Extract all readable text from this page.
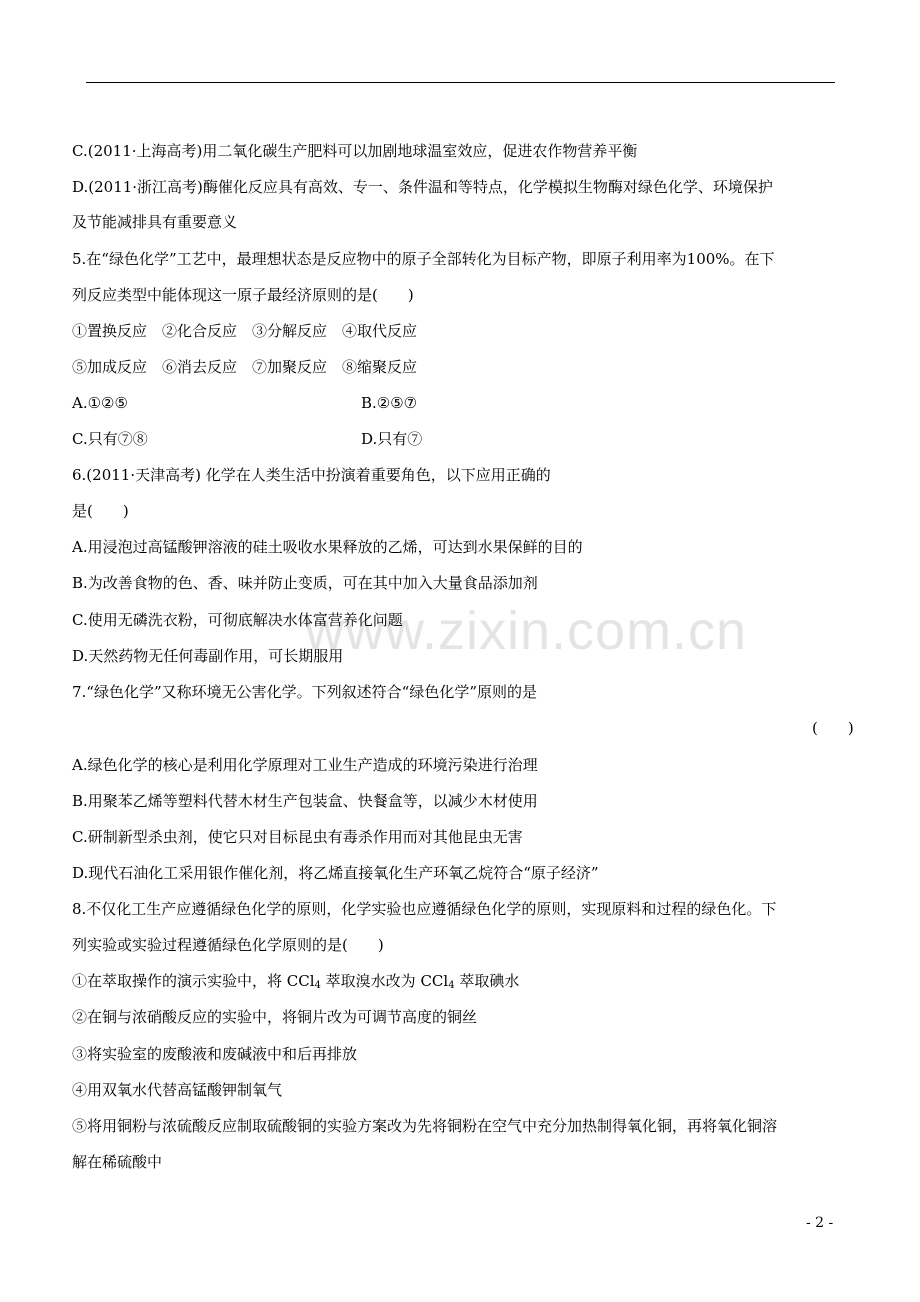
www.zixin.com.cn
C.(2011·上海高考)用二氧化碳生产肥料可以加剧地球温室效应，促进农作物营养平衡
D.(2011·浙江高考)酶催化反应具有高效、专一、条件温和等特点，化学模拟生物酶对绿色化学、环境保护
及节能减排具有重要意义
5.在“绿色化学”工艺中，最理想状态是反应物中的原子全部转化为目标产物，即原子利用率为100%。在下
列反应类型中能体现这一原子最经济原则的是(　　)
①置换反应　②化合反应　③分解反应　④取代反应
⑤加成反应　⑥消去反应　⑦加聚反应　⑧缩聚反应
A.①②⑤	B.②⑤⑦
C.只有⑦⑧	D.只有⑦
6.(2011·天津高考) 化学在人类生活中扮演着重要角色，以下应用正确的
是(　　)
A.用浸泡过高锰酸钾溶液的硅土吸收水果释放的乙烯，可达到水果保鲜的目的
B.为改善食物的色、香、味并防止变质，可在其中加入大量食品添加剂
C.使用无磷洗衣粉，可彻底解决水体富营养化问题
D.天然药物无任何毒副作用，可长期服用
7.“绿色化学”又称环境无公害化学。下列叙述符合“绿色化学”原则的是
(　　)
A.绿色化学的核心是利用化学原理对工业生产造成的环境污染进行治理
B.用聚苯乙烯等塑料代替木材生产包装盒、快餐盒等，以减少木材使用
C.研制新型杀虫剂，使它只对目标昆虫有毒杀作用而对其他昆虫无害
D.现代石油化工采用银作催化剂，将乙烯直接氧化生产环氧乙烷符合“原子经济”
8.不仅化工生产应遵循绿色化学的原则，化学实验也应遵循绿色化学的原则，实现原料和过程的绿色化。下
列实验或实验过程遵循绿色化学原则的是(　　)
①在萃取操作的演示实验中，将 CCl$_4$ 萃取溴水改为 CCl$_4$ 萃取碘水
②在铜与浓硝酸反应的实验中，将铜片改为可调节高度的铜丝
③将实验室的废酸液和废碱液中和后再排放
④用双氧水代替高锰酸钾制氧气
⑤将用铜粉与浓硫酸反应制取硫酸铜的实验方案改为先将铜粉在空气中充分加热制得氧化铜，再将氧化铜溶
解在稀硫酸中
- 2 -
